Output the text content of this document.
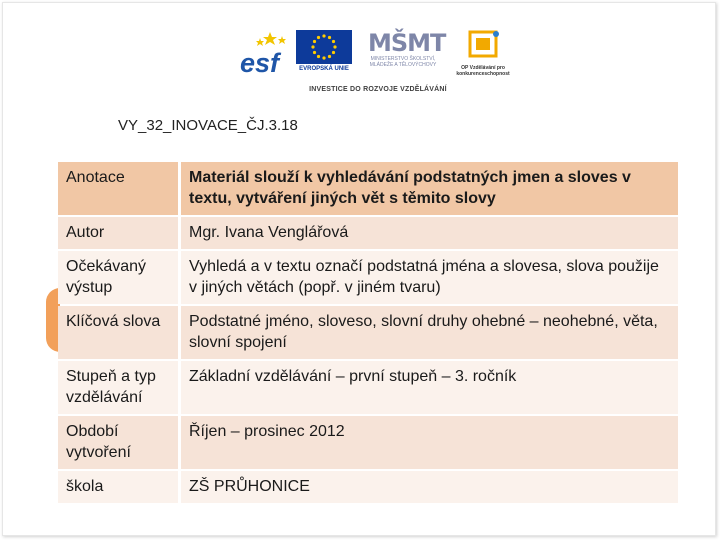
esf	EVROPSKÁ UNIE
MŠMT
MINISTERSTVO ŠKOLSTVÍ, MLÁDEŽE A TĚLOVÝCHOVY	OP Vzdělávání pro konkurenceschopnost
INVESTICE DO ROZVOJE VZDĚLÁVÁNÍ
VY_32_INOVACE_ČJ.3.18
Anotace	Materiál slouží k vyhledávání podstatných jmen a sloves v textu, vytváření jiných vět s těmito slovy
Autor	Mgr. Ivana Venglářová
Očekávaný výstup	Vyhledá a v textu označí podstatná jména a slovesa, slova použije v jiných větách (popř. v jiném tvaru)
Klíčová slova	Podstatné jméno, sloveso, slovní druhy ohebné – neohebné, věta, slovní spojení
Stupeň a typ vzdělávání	Základní vzdělávání – první stupeň – 3. ročník
Období vytvoření	Říjen – prosinec 2012
škola	ZŠ PRŮHONICE
